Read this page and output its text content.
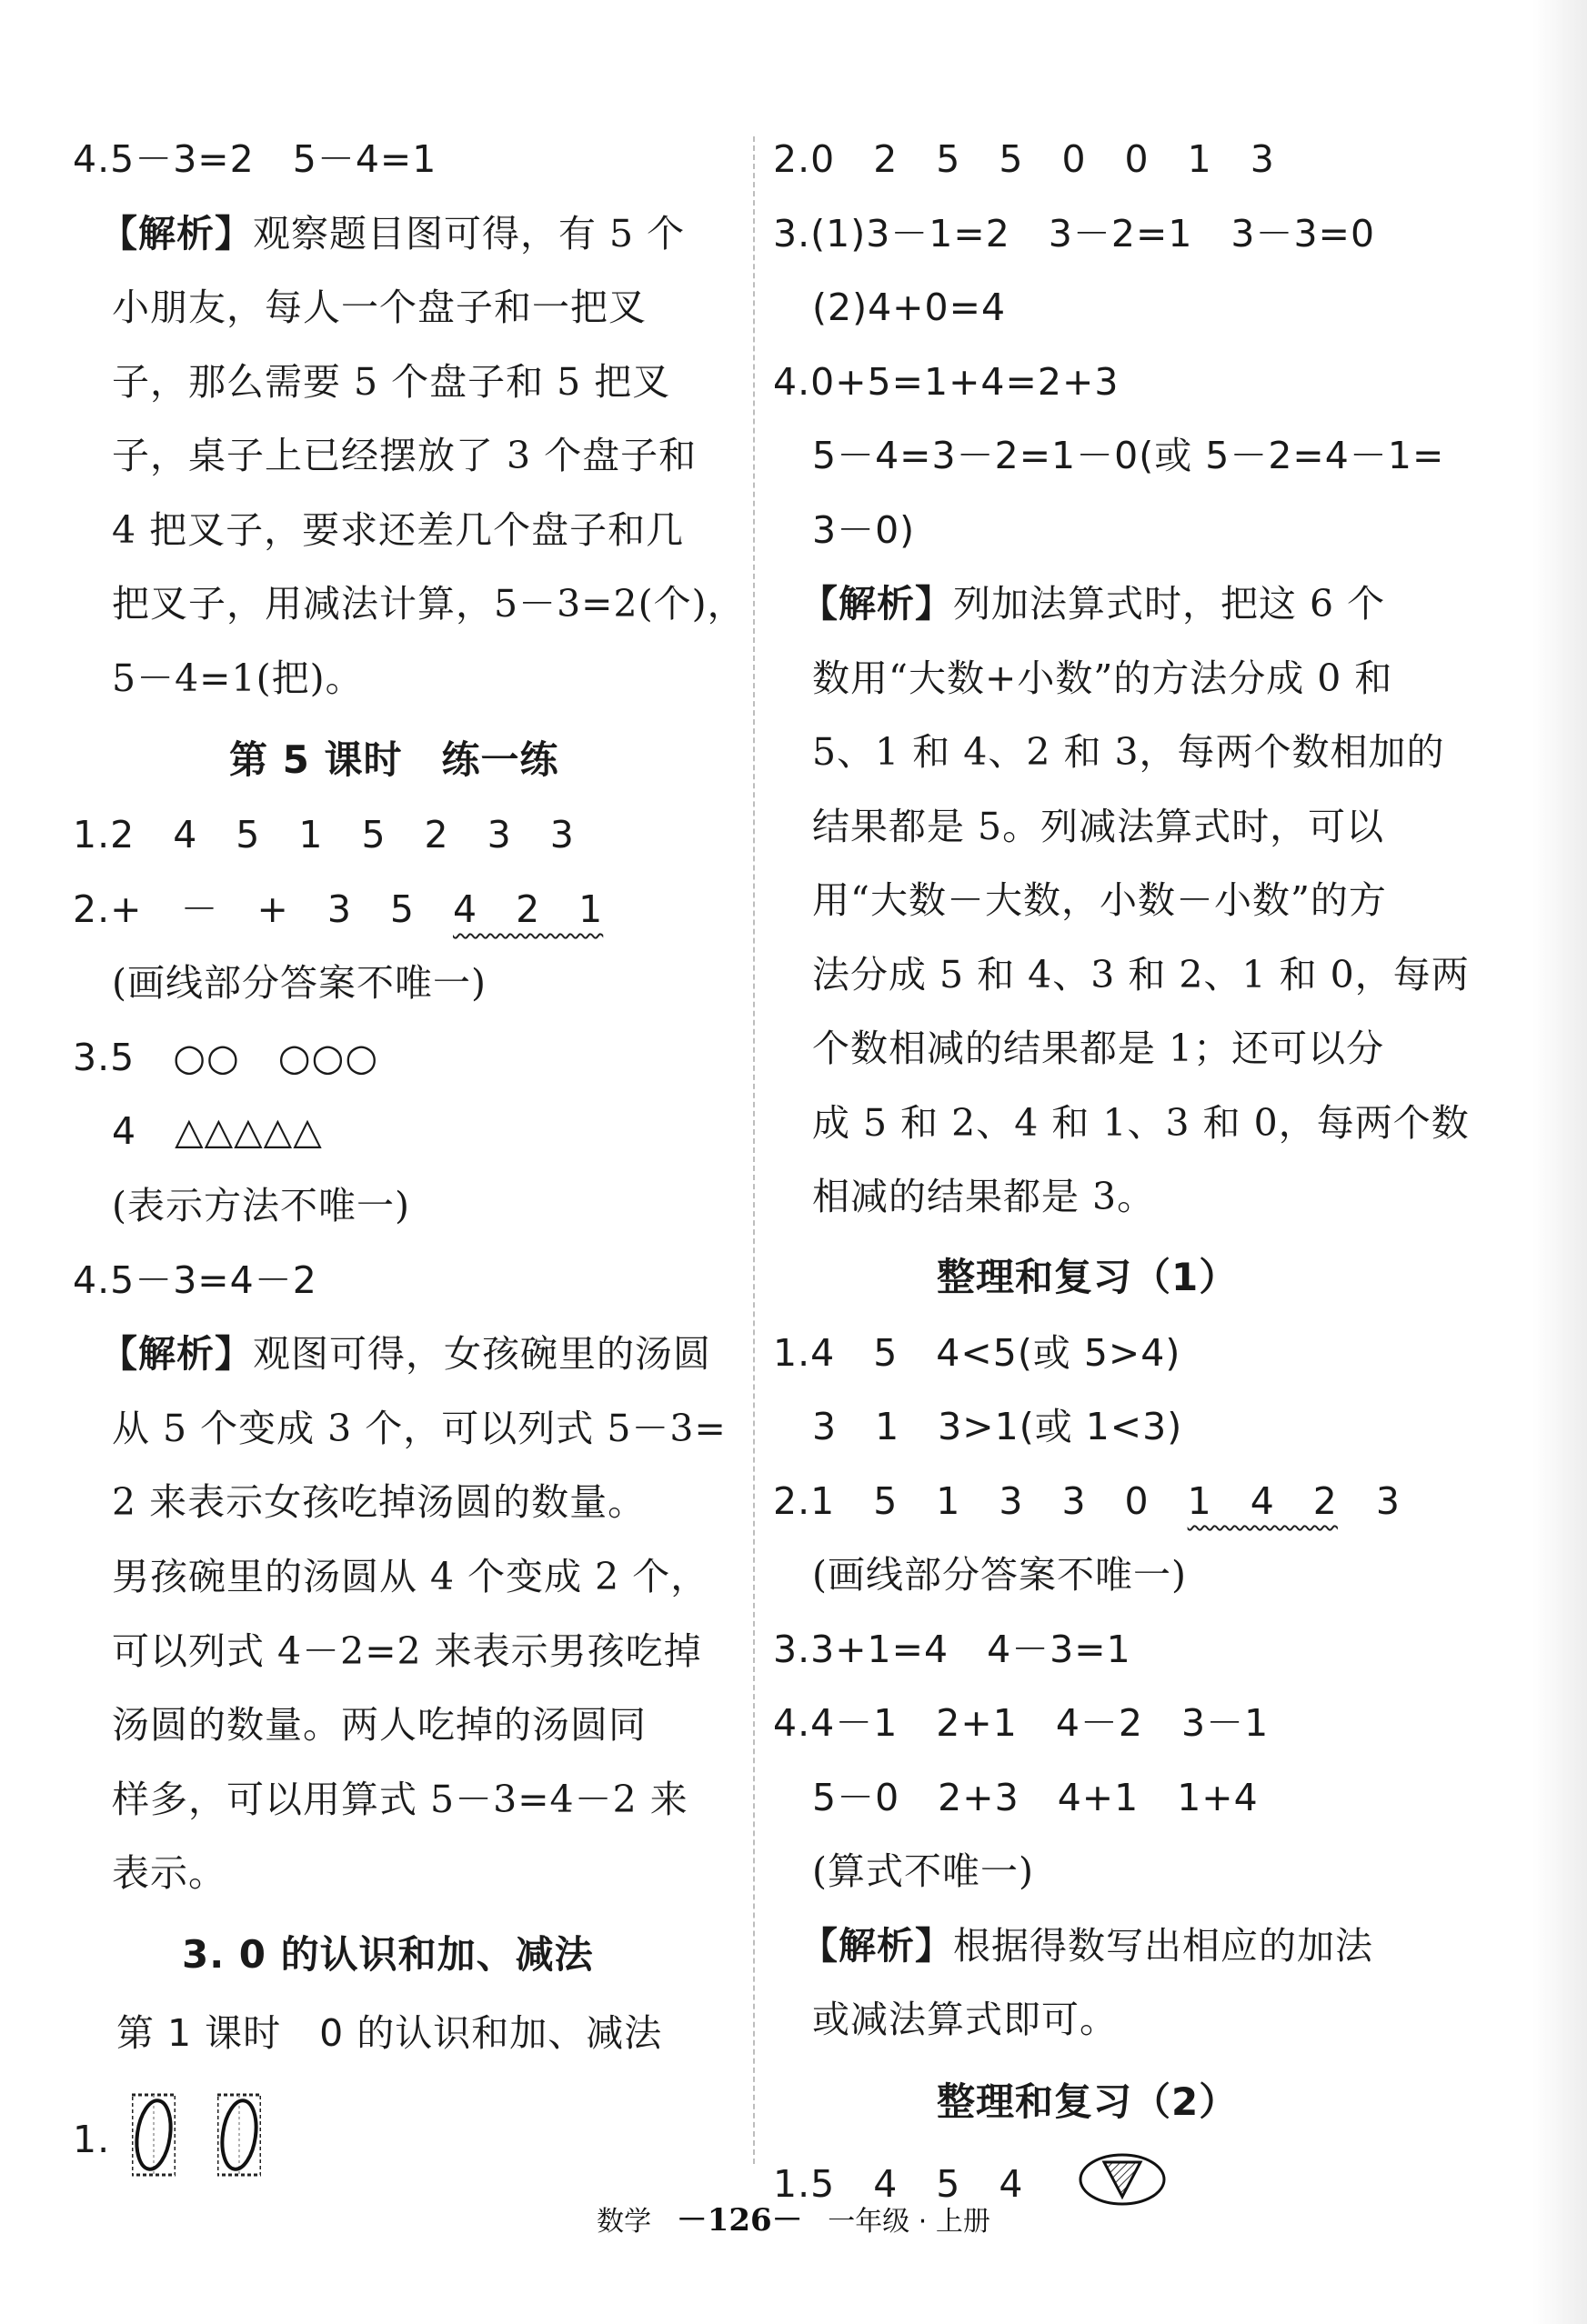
4.5－3=2　5－4=1
【解析】观察题目图可得，有 5 个
小朋友，每人一个盘子和一把叉
子，那么需要 5 个盘子和 5 把叉
子，桌子上已经摆放了 3 个盘子和
4 把叉子，要求还差几个盘子和几
把叉子，用减法计算，5－3=2(个)，
5－4=1(把)。
第 5 课时　练一练
1.2　4　5　1　5　2　3　3
2.+　－　+　3　5　4　2　1
(画线部分答案不唯一)
3.5　○○　○○○
4　△△△△△
(表示方法不唯一)
4.5－3=4－2
【解析】观图可得，女孩碗里的汤圆
从 5 个变成 3 个，可以列式 5－3=
2 来表示女孩吃掉汤圆的数量。
男孩碗里的汤圆从 4 个变成 2 个，
可以列式 4－2=2 来表示男孩吃掉
汤圆的数量。两人吃掉的汤圆同
样多，可以用算式 5－3=4－2 来
表示。
3. 0 的认识和加、减法
第 1 课时　0 的认识和加、减法
1.
2.0　2　5　5　0　0　1　3
3.(1)3－1=2　3－2=1　3－3=0
(2)4+0=4
4.0+5=1+4=2+3
5－4=3－2=1－0(或 5－2=4－1=
3－0)
【解析】列加法算式时，把这 6 个
数用“大数+小数”的方法分成 0 和
5、1 和 4、2 和 3，每两个数相加的
结果都是 5。列减法算式时，可以
用“大数－大数，小数－小数”的方
法分成 5 和 4、3 和 2、1 和 0，每两
个数相减的结果都是 1；还可以分
成 5 和 2、4 和 1、3 和 0，每两个数
相减的结果都是 3。
整理和复习（1）
1.4　5　4<5(或 5>4)
3　1　3>1(或 1<3)
2.1　5　1　3　3　0　1　4　2　3
(画线部分答案不唯一)
3.3+1=4　4－3=1
4.4－1　2+1　4－2　3－1
5－0　2+3　4+1　1+4
(算式不唯一)
【解析】根据得数写出相应的加法
或减法算式即可。
整理和复习（2）
1.5　4　5　4
数学 －126－ 一年级 · 上册
